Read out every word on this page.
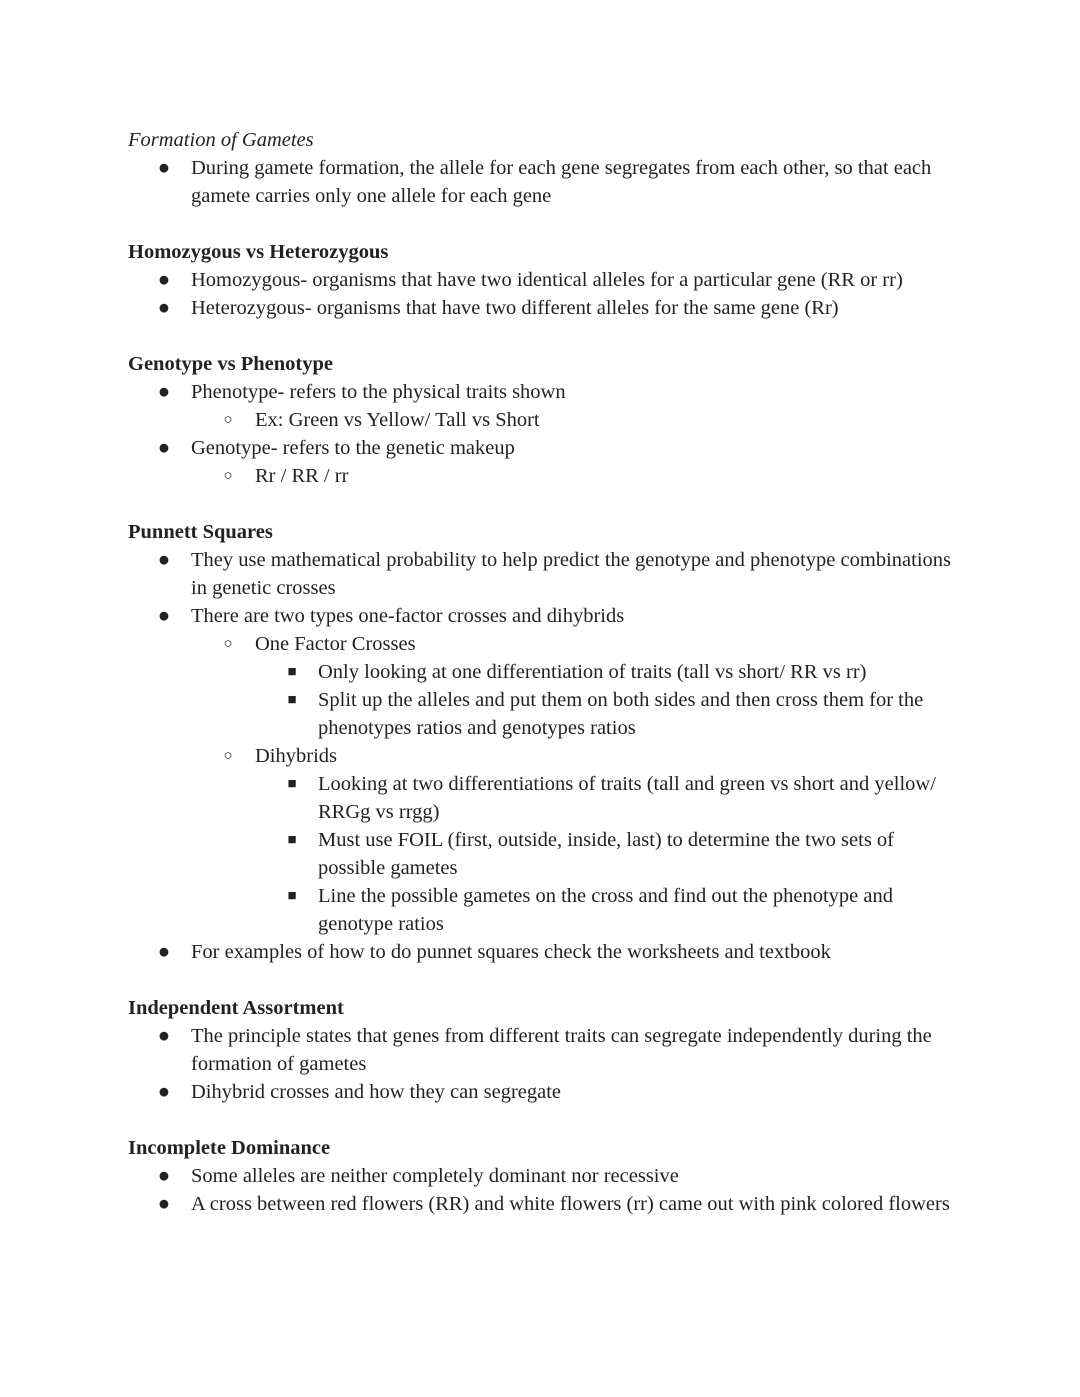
Formation of Gametes

● During gamete formation, the allele for each gene segregates from each other, so that each gamete carries only one allele for each gene

Homozygous vs Heterozygous

● Homozygous- organisms that have two identical alleles for a particular gene (RR or rr)
● Heterozygous- organisms that have two different alleles for the same gene (Rr)

Genotype vs Phenotype

● Phenotype- refers to the physical traits shown
○ Ex: Green vs Yellow/ Tall vs Short
● Genotype- refers to the genetic makeup
○ Rr / RR / rr

Punnett Squares

● They use mathematical probability to help predict the genotype and phenotype combinations in genetic crosses
● There are two types one-factor crosses and dihybrids
○ One Factor Crosses
■ Only looking at one differentiation of traits (tall vs short/ RR vs rr)
■ Split up the alleles and put them on both sides and then cross them for the phenotypes ratios and genotypes ratios
○ Dihybrids
■ Looking at two differentiations of traits (tall and green vs short and yellow/ RRGg vs rrgg)
■ Must use FOIL (first, outside, inside, last) to determine the two sets of possible gametes
■ Line the possible gametes on the cross and find out the phenotype and genotype ratios
● For examples of how to do punnet squares check the worksheets and textbook

Independent Assortment

● The principle states that genes from different traits can segregate independently during the formation of gametes
● Dihybrid crosses and how they can segregate

Incomplete Dominance

● Some alleles are neither completely dominant nor recessive
● A cross between red flowers (RR) and white flowers (rr) came out with pink colored flowers
